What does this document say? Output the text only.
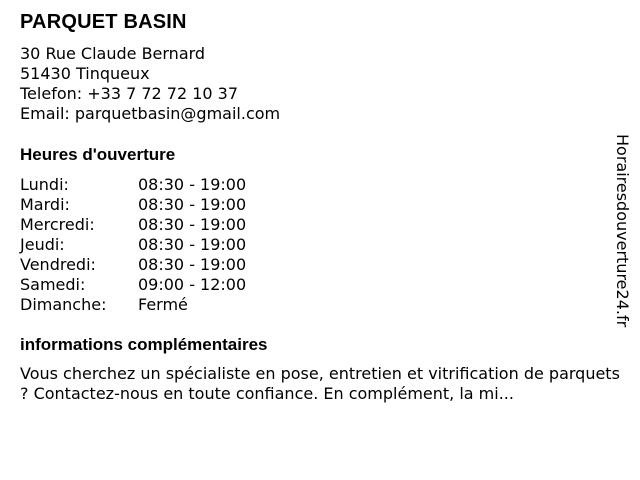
PARQUET BASIN
30 Rue Claude Bernard
51430 Tinqueux
Telefon: +33 7 72 72 10 37
Email: parquetbasin@gmail.com
Heures d'ouverture
Lundi:	08:30 - 19:00
Mardi:	08:30 - 19:00
Mercredi:	08:30 - 19:00
Jeudi:	08:30 - 19:00
Vendredi:	08:30 - 19:00
Samedi:	09:00 - 12:00
Dimanche:	Fermé
informations complémentaires
Vous cherchez un spécialiste en pose, entretien et vitrification de parquets ? Contactez-nous en toute confiance. En complément, la mi...
Horairesdouverture24.fr
